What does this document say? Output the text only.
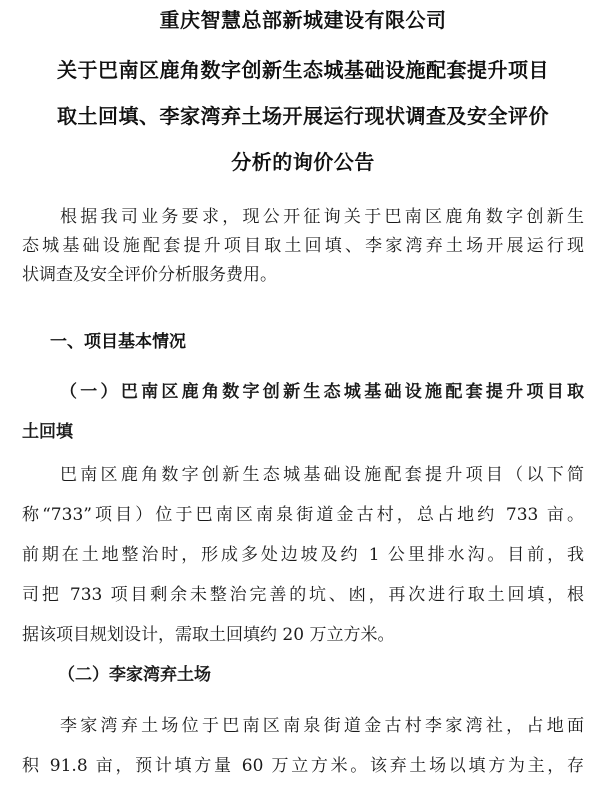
重庆智慧总部新城建设有限公司
关于巴南区鹿角数字创新生态城基础设施配套提升项目
取土回填、李家湾弃土场开展运行现状调查及安全评价
分析的询价公告
根据我司业务要求，现公开征询关于巴南区鹿角数字创新生
态城基础设施配套提升项目取土回填、李家湾弃土场开展运行现
状调查及安全评价分析服务费用。
一、项目基本情况
（一）巴南区鹿角数字创新生态城基础设施配套提升项目取
土回填
巴南区鹿角数字创新生态城基础设施配套提升项目（以下简
称“733”项目）位于巴南区南泉街道金古村，总占地约 733 亩。
前期在土地整治时，形成多处边坡及约 1 公里排水沟。目前，我
司把 733 项目剩余未整治完善的坑、凼，再次进行取土回填，根
据该项目规划设计，需取土回填约 20 万立方米。
（二）李家湾弃土场
李家湾弃土场位于巴南区南泉街道金古村李家湾社，占地面
积 91.8 亩，预计填方量 60 万立方米。该弃土场以填方为主，存
